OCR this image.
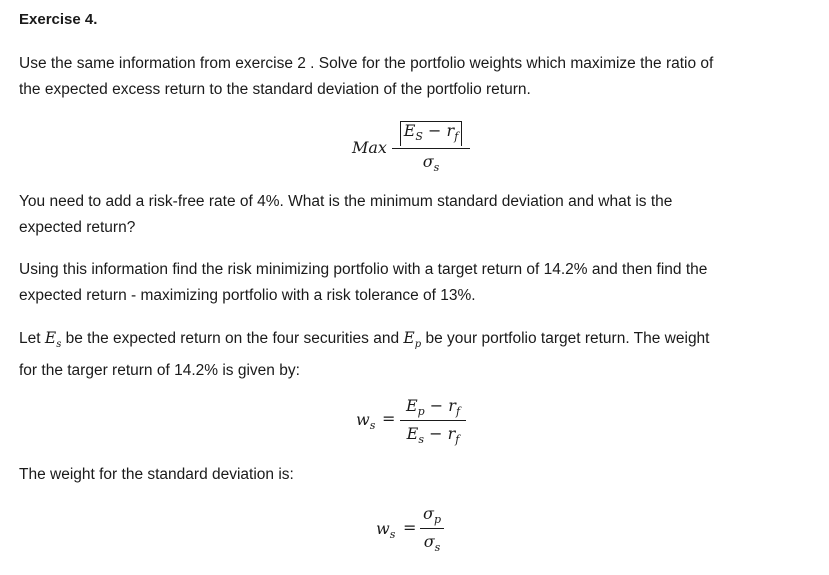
Exercise 4.

Use the same information from exercise 2 . Solve for the portfolio weights which maximize the ratio of
the expected excess return to the standard deviation of the portfolio return.

Max
$E_S - r_f$
$\sigma_s$

You need to add a risk-free rate of 4%. What is the minimum standard deviation and what is the
expected return?

Using this information find the risk minimizing portfolio with a target return of 14.2% and then find the
expected return - maximizing portfolio with a risk tolerance of 13%.

Let $E_s$ be the expected return on the four securities and $E_p$ be your portfolio target return. The weight
for the targer return of 14.2% is given by:

$w_s$ =
$E_p - r_f$
$E_s - r_f$

The weight for the standard deviation is:

$w_s$ =
$\sigma_p$
$\sigma_s$
